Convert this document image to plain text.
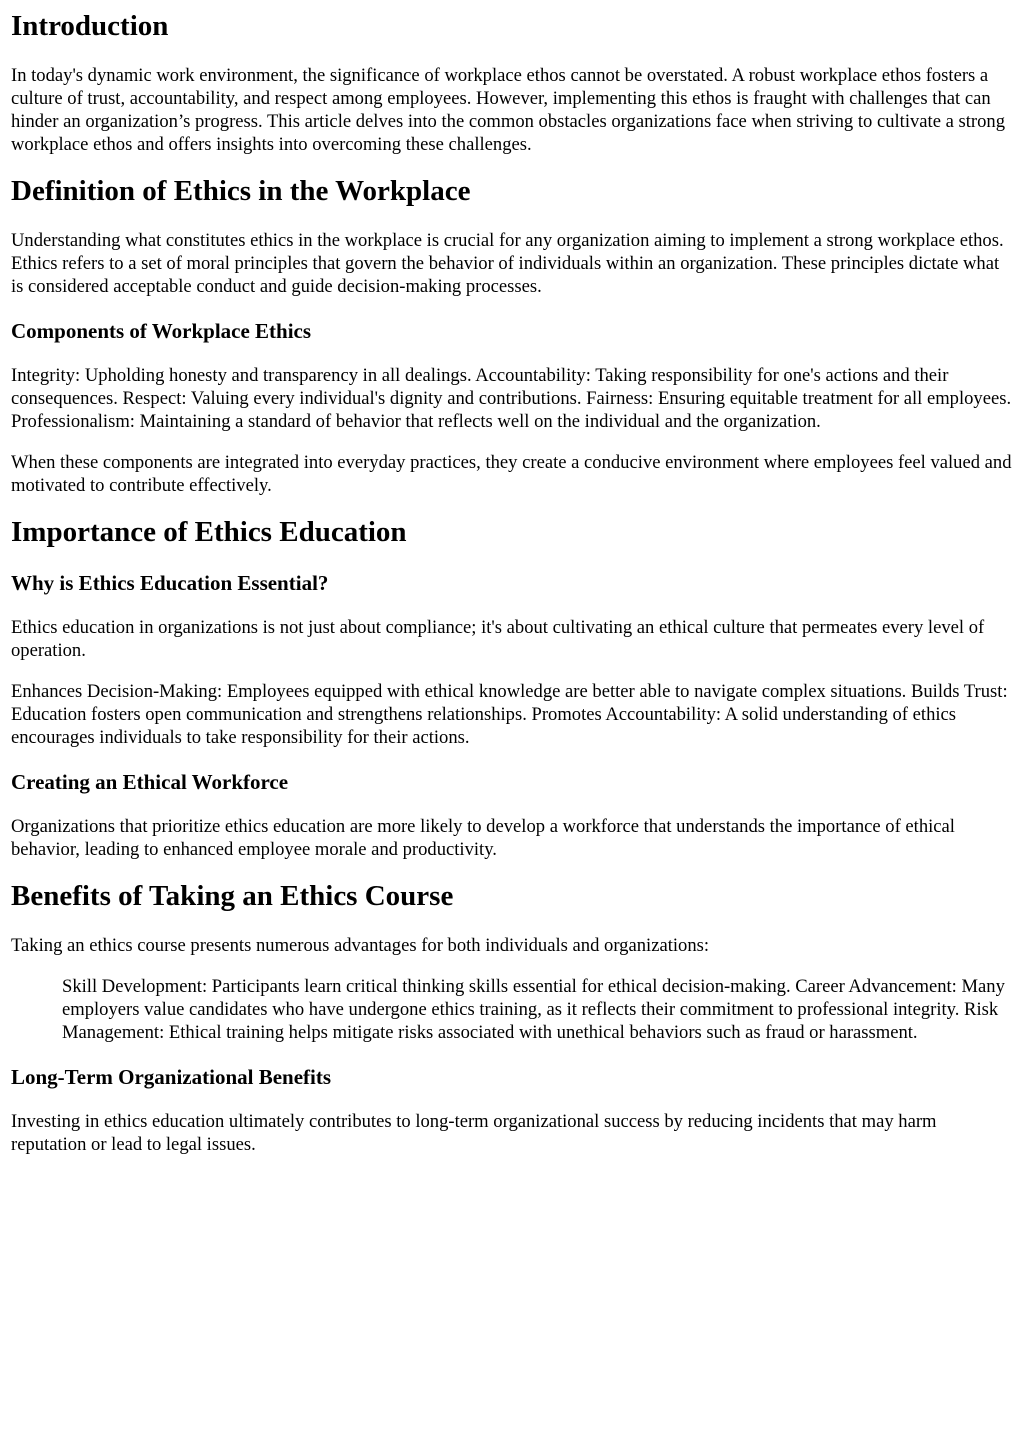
Introduction

In today's dynamic work environment, the significance of workplace ethos cannot be overstated. A robust workplace ethos fosters a culture of trust, accountability, and respect among employees. However, implementing this ethos is fraught with challenges that can hinder an organization’s progress. This article delves into the common obstacles organizations face when striving to cultivate a strong workplace ethos and offers insights into overcoming these challenges.

Definition of Ethics in the Workplace

Understanding what constitutes ethics in the workplace is crucial for any organization aiming to implement a strong workplace ethos. Ethics refers to a set of moral principles that govern the behavior of individuals within an organization. These principles dictate what is considered acceptable conduct and guide decision-making processes.

Components of Workplace Ethics

Integrity: Upholding honesty and transparency in all dealings. Accountability: Taking responsibility for one's actions and their consequences. Respect: Valuing every individual's dignity and contributions. Fairness: Ensuring equitable treatment for all employees. Professionalism: Maintaining a standard of behavior that reflects well on the individual and the organization.

When these components are integrated into everyday practices, they create a conducive environment where employees feel valued and motivated to contribute effectively.

Importance of Ethics Education
Why is Ethics Education Essential?

Ethics education in organizations is not just about compliance; it's about cultivating an ethical culture that permeates every level of operation.

Enhances Decision-Making: Employees equipped with ethical knowledge are better able to navigate complex situations. Builds Trust: Education fosters open communication and strengthens relationships. Promotes Accountability: A solid understanding of ethics encourages individuals to take responsibility for their actions.

Creating an Ethical Workforce

Organizations that prioritize ethics education are more likely to develop a workforce that understands the importance of ethical behavior, leading to enhanced employee morale and productivity.

Benefits of Taking an Ethics Course

Taking an ethics course presents numerous advantages for both individuals and organizations:

Skill Development: Participants learn critical thinking skills essential for ethical decision-making. Career Advancement: Many employers value candidates who have undergone ethics training, as it reflects their commitment to professional integrity. Risk Management: Ethical training helps mitigate risks associated with unethical behaviors such as fraud or harassment.
Long-Term Organizational Benefits

Investing in ethics education ultimately contributes to long-term organizational success by reducing incidents that may harm reputation or lead to legal issues.
